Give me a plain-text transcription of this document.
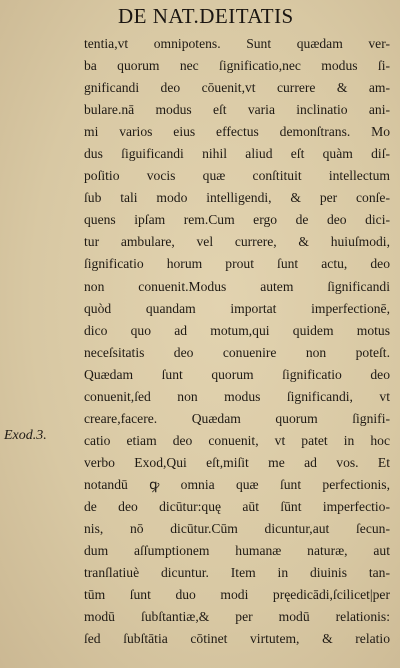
DE NAT.DEITATIS
Exod.3.
tentia,vt omnipotens. Sunt quædam ver-
ba quorum nec ſignificatio,nec modus ſi-
gnificandi deo cōuenit,vt currere & am-
bulare.nā modus eſt varia inclinatio ani-
mi varios eius effectus demonſtrans. Mo
dus ſiguificandi nihil aliud eſt quàm diſ-
poſitio vocis quæ conſtituit intellectum
ſub tali modo intelligendi, & per conſe-
quens ipſam rem.Cum ergo de deo dici-
tur ambulare, vel currere, & huiuſmodi,
ſignificatio horum prout ſunt actu, deo
non conuenit.Modus autem ſignificandi
quòd quandam importat imperfectionē,
dico quo ad motum,qui quidem motus
neceſsitatis deo conuenire non poteſt.
Quædam ſunt quorum ſignificatio deo
conuenit,ſed non modus ſignificandi, vt
creare,facere. Quædam quorum ſignifi-
catio etiam deo conuenit, vt patet in hoc
verbo Exod,Qui eſt,miſit me ad vos. Et
notandū ꝙ omnia quæ ſunt perfectionis,
de deo dicūtur:quę aūt ſūnt imperfectio-
nis, nō dicūtur.Cūm dicuntur,aut ſecun-
dum aſſumptionem humanæ naturæ, aut
tranſlatiuè dicuntur. Item in diuinis tan-
tūm ſunt duo modi pręedicādi,ſcilicet|per
modū ſubſtantiæ,& per modū relationis:
ſed ſubſtātia cōtinet virtutem, & relatio
